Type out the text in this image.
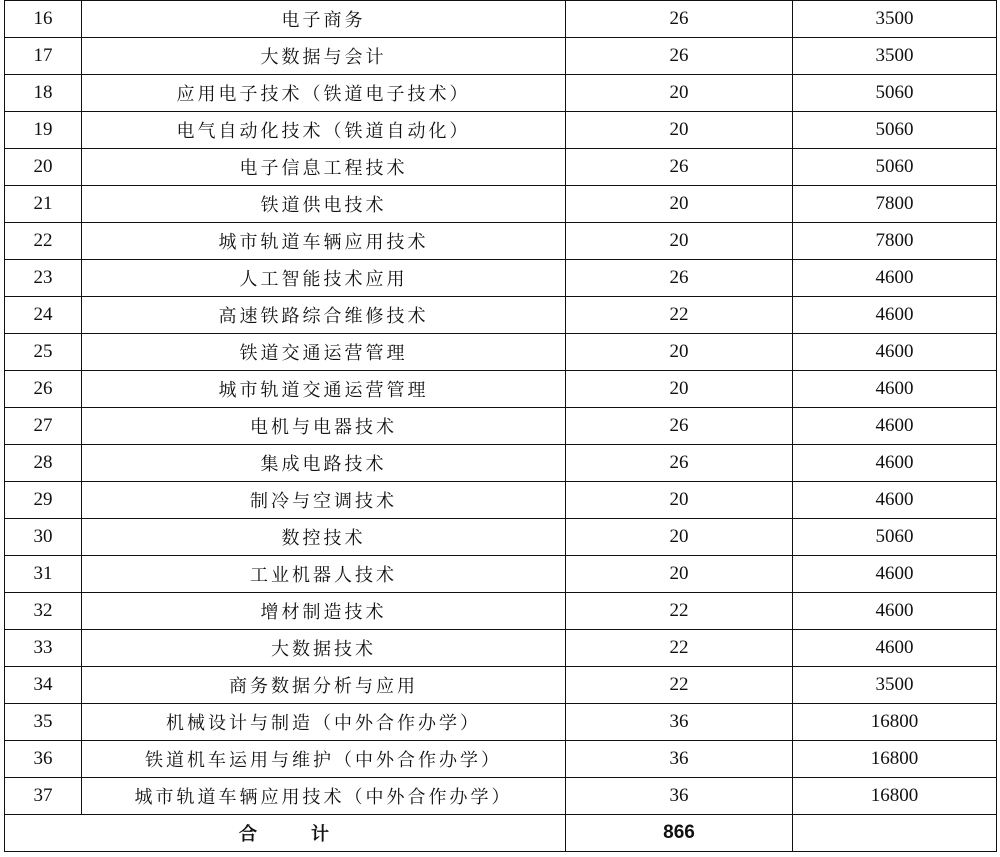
16	电子商务	26	3500
17	大数据与会计	26	3500
18	应用电子技术（铁道电子技术）	20	5060
19	电气自动化技术（铁道自动化）	20	5060
20	电子信息工程技术	26	5060
21	铁道供电技术	20	7800
22	城市轨道车辆应用技术	20	7800
23	人工智能技术应用	26	4600
24	高速铁路综合维修技术	22	4600
25	铁道交通运营管理	20	4600
26	城市轨道交通运营管理	20	4600
27	电机与电器技术	26	4600
28	集成电路技术	26	4600
29	制冷与空调技术	20	4600
30	数控技术	20	5060
31	工业机器人技术	20	4600
32	增材制造技术	22	4600
33	大数据技术	22	4600
34	商务数据分析与应用	22	3500
35	机械设计与制造（中外合作办学）	36	16800
36	铁道机车运用与维护（中外合作办学）	36	16800
37	城市轨道车辆应用技术（中外合作办学）	36	16800
合 计		866	
